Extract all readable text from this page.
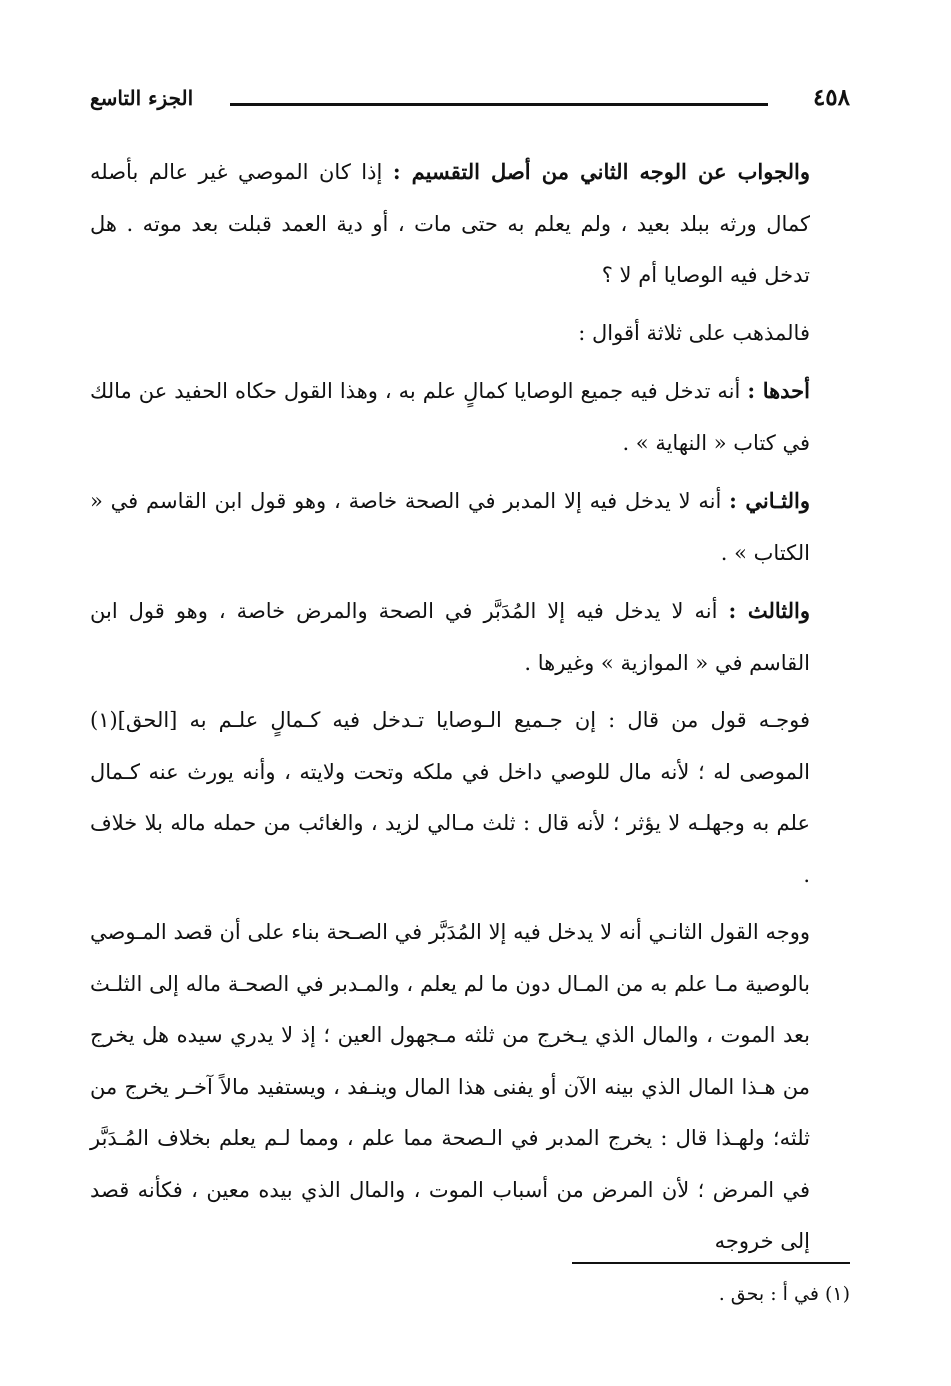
الجزء التاسع	٤٥٨

والجواب عن الوجه الثاني من أصل التقسيم : إذا كان الموصي غير عالم بأصله كمال ورثه ببلد بعيد ، ولم يعلم به حتى مات ، أو دية العمد قبلت بعد موته . هل تدخل فيه الوصايا أم لا ؟

فالمذهب على ثلاثة أقوال :

أحدها : أنه تدخل فيه جميع الوصايا كمالٍ علم به ، وهذا القول حكاه الحفيد عن مالك في كتاب « النهاية » .

والثـاني : أنه لا يدخل فيه إلا المدبر في الصحة خاصة ، وهو قول ابن القاسم في « الكتاب » .

والثالث : أنه لا يدخل فيه إلا المُدَبَّر في الصحة والمرض خاصة ، وهو قول ابن القاسم في « الموازية » وغيرها .

فوجـه قول من قال : إن جـميع الـوصايا تـدخل فيه كـمالٍ علـم به [الحق](١) الموصى له ؛ لأنه مال للوصي داخل في ملكه وتحت ولايته ، وأنه يورث عنه كـمال علم به وجهلـه لا يؤثر ؛ لأنه قال : ثلث مـالي لزيد ، والغائب من حمله ماله بلا خلاف .

ووجه القول الثانـي أنه لا يدخل فيه إلا المُدَبَّر في الصـحة بناء على أن قصد المـوصي بالوصية مـا علم به من المـال دون ما لم يعلم ، والمـدبر في الصحـة ماله إلى الثلـث بعد الموت ، والمال الذي يـخرج من ثلثه مـجهول العين ؛ إذ لا يدري سيده هل يخرج من هـذا المال الذي بينه الآن أو يفنى هذا المال وينـفد ، ويستفيد مالاً آخـر يخرج من ثلثه؛ ولهـذا قال : يخرج المدبر في الـصحة مما علم ، ومما لـم يعلم بخلاف المُـدَبَّر في المرض ؛ لأن المرض من أسباب الموت ، والمال الذي بيده معين ، فكأنه قصد إلى خروجه

(١) في أ : بحق .
